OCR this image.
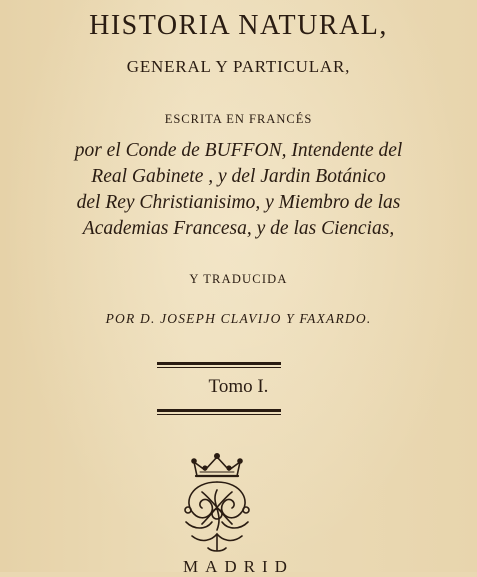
HISTORIA NATURAL,
GENERAL Y PARTICULAR,
ESCRITA EN FRANCÉS
por el Conde de BUFFON, Intendente del
Real Gabinete , y del Jardin Botánico
del Rey Christianisimo, y Miembro de las
Academias Francesa, y de las Ciencias,
Y TRADUCIDA
POR D. JOSEPH CLAVIJO Y FAXARDO.
Tomo I.
MADRID
